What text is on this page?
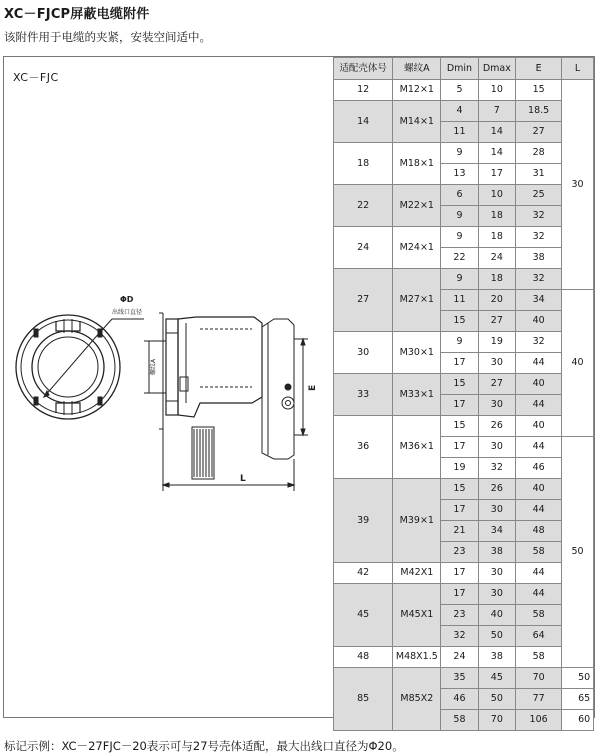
XC－FJCP屏蔽电缆附件
该附件用于电缆的夹紧，安装空间适中。
XC－FJC
ΦD
出线口直径
螺纹A
E
L
适配壳体号	螺纹A	Dmin	Dmax	E	L	
12	M12×1	5	10	15	30	
14	M14×1	4	7	18.5		
		11	14	27		
18	M18×1	9	14	28		
		13	17	31		
22	M22×1	6	10	25		
		9	18	32		
24	M24×1	9	18	32		
		22	24	38		
27	M27×1	9	18	32		
		11	20	34	40	
		15	27	40		
30	M30×1	9	19	32		
		17	30	44		
33	M33×1	15	27	40		
		17	30	44		
36	M36×1	15	26	40		
		17	30	44	50	
		19	32	46		
39	M39×1	15	26	40		
		17	30	44		
		21	34	48		
		23	38	58		
42	M42X1	17	30	44		
45	M45X1	17	30	44		
		23	40	58		
		32	50	64		
48	M48X1.5	24	38	58		
85	M85X2	35	45	70		50
		46	50	77		65
		58	70	106		60
标记示例：XC－27FJC－20表示可与27号壳体适配，最大出线口直径为Φ20。
